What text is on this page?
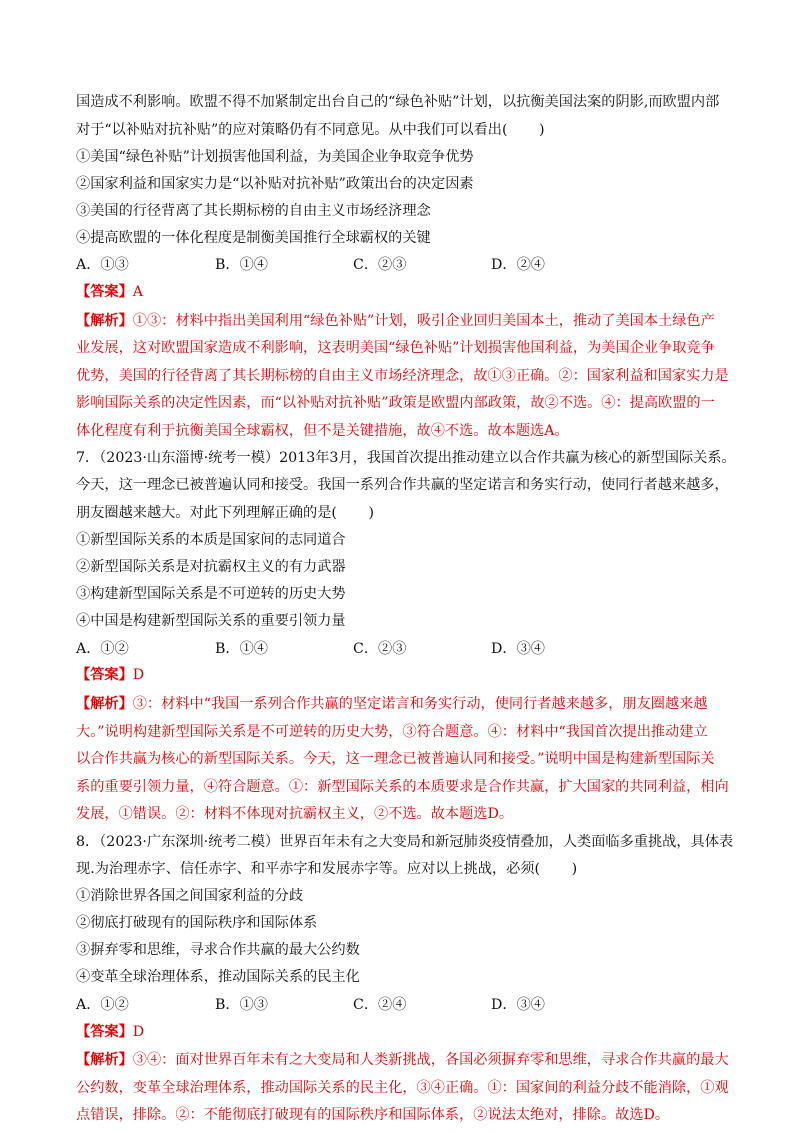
国造成不利影响。欧盟不得不加紧制定出台自己的“绿色补贴”计划，以抗衡美国法案的阴影,而欧盟内部
对于“以补贴对抗补贴”的应对策略仍有不同意见。从中我们可以看出(       )
①美国“绿色补贴”计划损害他国利益，为美国企业争取竞争优势
②国家利益和国家实力是“以补贴对抗补贴”政策出台的决定因素
③美国的行径背离了其长期标榜的自由主义市场经济理念
④提高欧盟的一体化程度是制衡美国推行全球霸权的关键
A．①③	B．①④	C．②③	D．②④
【答案】A
【解析】①③：材料中指出美国利用“绿色补贴”计划，吸引企业回归美国本土，推动了美国本土绿色产
业发展，这对欧盟国家造成不利影响，这表明美国“绿色补贴”计划损害他国利益，为美国企业争取竞争
优势，美国的行径背离了其长期标榜的自由主义市场经济理念，故①③正确。②：国家利益和国家实力是
影响国际关系的决定性因素，而“以补贴对抗补贴”政策是欧盟内部政策，故②不选。④：提高欧盟的一
体化程度有利于抗衡美国全球霸权，但不是关键措施，故④不选。故本题选A。
7．（2023·山东淄博·统考一模）2013年3月，我国首次提出推动建立以合作共赢为核心的新型国际关系。
今天，这一理念已被普遍认同和接受。我国一系列合作共赢的坚定诺言和务实行动，使同行者越来越多，
朋友圈越来越大。对此下列理解正确的是(       )
①新型国际关系的本质是国家间的志同道合
②新型国际关系是对抗霸权主义的有力武器
③构建新型国际关系是不可逆转的历史大势
④中国是构建新型国际关系的重要引领力量
A．①②	B．①④	C．②③	D．③④
【答案】D
【解析】③：材料中“我国一系列合作共赢的坚定诺言和务实行动，使同行者越来越多，朋友圈越来越
大。”说明构建新型国际关系是不可逆转的历史大势，③符合题意。④：材料中“我国首次提出推动建立
以合作共赢为核心的新型国际关系。今天，这一理念已被普遍认同和接受。”说明中国是构建新型国际关
系的重要引领力量，④符合题意。①：新型国际关系的本质要求是合作共赢，扩大国家的共同利益，相向
发展，①错误。②：材料不体现对抗霸权主义，②不选。故本题选D。
8．（2023·广东深圳·统考二模）世界百年未有之大变局和新冠肺炎疫情叠加，人类面临多重挑战，具体表
现.为治理赤字、信任赤字、和平赤字和发展赤字等。应对以上挑战，必须(       )
①消除世界各国之间国家利益的分歧
②彻底打破现有的国际秩序和国际体系
③摒弃零和思维，寻求合作共赢的最大公约数
④变革全球治理体系，推动国际关系的民主化
A．①②	B．①③	C．②④	D．③④
【答案】D
【解析】③④：面对世界百年未有之大变局和人类新挑战，各国必须摒弃零和思维，寻求合作共赢的最大
公约数，变革全球治理体系，推动国际关系的民主化，③④正确。①：国家间的利益分歧不能消除，①观
点错误，排除。②：不能彻底打破现有的国际秩序和国际体系，②说法太绝对，排除。故选D。
